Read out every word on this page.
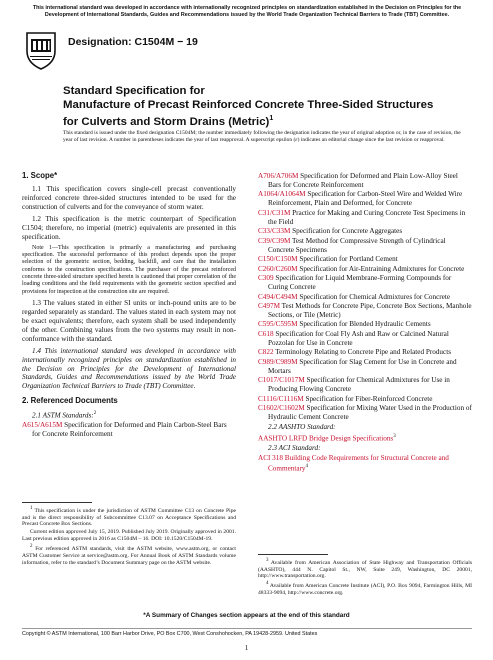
This international standard was developed in accordance with internationally recognized principles on standardization established in the Decision on Principles for the Development of International Standards, Guides and Recommendations issued by the World Trade Organization Technical Barriers to Trade (TBT) Committee.
Designation: C1504M − 19
Standard Specification for
Manufacture of Precast Reinforced Concrete Three-Sided Structures for Culverts and Storm Drains (Metric)$^1$
This standard is issued under the fixed designation C1504M; the number immediately following the designation indicates the year of original adoption or, in the case of revision, the year of last revision. A number in parentheses indicates the year of last reapproval. A superscript epsilon (ε) indicates an editorial change since the last revision or reapproval.
1. Scope*
1.1 This specification covers single-cell precast conventionally reinforced concrete three-sided structures intended to be used for the construction of culverts and for the conveyance of storm water.
1.2 This specification is the metric counterpart of Specification C1504; therefore, no imperial (metric) equivalents are presented in this specification.
Note 1—This specification is primarily a manufacturing and purchasing specification. The successful performance of this product depends upon the proper selection of the geometric section, bedding, backfill, and care that the installation conforms to the construction specifications. The purchaser of the precast reinforced concrete three-sided structure specified herein is cautioned that proper correlation of the loading conditions and the field requirements with the geometric section specified and provisions for inspection at the construction site are required.
1.3 The values stated in either SI units or inch-pound units are to be regarded separately as standard. The values stated in each system may not be exact equivalents; therefore, each system shall be used independently of the other. Combining values from the two systems may result in non-conformance with the standard.
1.4 This international standard was developed in accordance with internationally recognized principles on standardization established in the Decision on Principles for the Development of International Standards, Guides and Recommendations issued by the World Trade Organization Technical Barriers to Trade (TBT) Committee.
2. Referenced Documents
2.1 ASTM Standards:$^2$
A615/A615M Specification for Deformed and Plain Carbon-Steel Bars for Concrete Reinforcement
$^1$ This specification is under the jurisdiction of ASTM Committee C13 on Concrete Pipe and is the direct responsibility of Subcommittee C13.07 on Acceptance Specifications and Precast Concrete Box Sections.
Current edition approved July 15, 2019. Published July 2019. Originally approved in 2001. Last previous edition approved in 2016 as C1504M – 16. DOI: 10.1520/C1504M-19.
$^2$ For referenced ASTM standards, visit the ASTM website, www.astm.org, or contact ASTM Customer Service at service@astm.org. For Annual Book of ASTM Standards volume information, refer to the standard’s Document Summary page on the ASTM website.
A706/A706M Specification for Deformed and Plain Low-Alloy Steel Bars for Concrete Reinforcement
A1064/A1064M Specification for Carbon-Steel Wire and Welded Wire Reinforcement, Plain and Deformed, for Concrete
C31/C31M Practice for Making and Curing Concrete Test Specimens in the Field
C33/C33M Specification for Concrete Aggregates
C39/C39M Test Method for Compressive Strength of Cylindrical Concrete Specimens
C150/C150M Specification for Portland Cement
C260/C260M Specification for Air-Entraining Admixtures for Concrete
C309 Specification for Liquid Membrane-Forming Compounds for Curing Concrete
C494/C494M Specification for Chemical Admixtures for Concrete
C497M Test Methods for Concrete Pipe, Concrete Box Sections, Manhole Sections, or Tile (Metric)
C595/C595M Specification for Blended Hydraulic Cements
C618 Specification for Coal Fly Ash and Raw or Calcined Natural Pozzolan for Use in Concrete
C822 Terminology Relating to Concrete Pipe and Related Products
C989/C989M Specification for Slag Cement for Use in Concrete and Mortars
C1017/C1017M Specification for Chemical Admixtures for Use in Producing Flowing Concrete
C1116/C1116M Specification for Fiber-Reinforced Concrete
C1602/C1602M Specification for Mixing Water Used in the Production of Hydraulic Cement Concrete
2.2 AASHTO Standard:
AASHTO LRFD Bridge Design Specifications$^3$
2.3 ACI Standard:
ACI 318 Building Code Requirements for Structural Concrete and Commentary$^4$
$^3$ Available from American Association of State Highway and Transportation Officials (AASHTO), 444 N. Capitol St., NW, Suite 249, Washington, DC 20001, http://www.transportation.org.
$^4$ Available from American Concrete Institute (ACI), P.O. Box 9094, Farmington Hills, MI 48333-9094, http://www.concrete.org.
*A Summary of Changes section appears at the end of this standard
Copyright © ASTM International, 100 Barr Harbor Drive, PO Box C700, West Conshohocken, PA 19428-2959. United States
1
